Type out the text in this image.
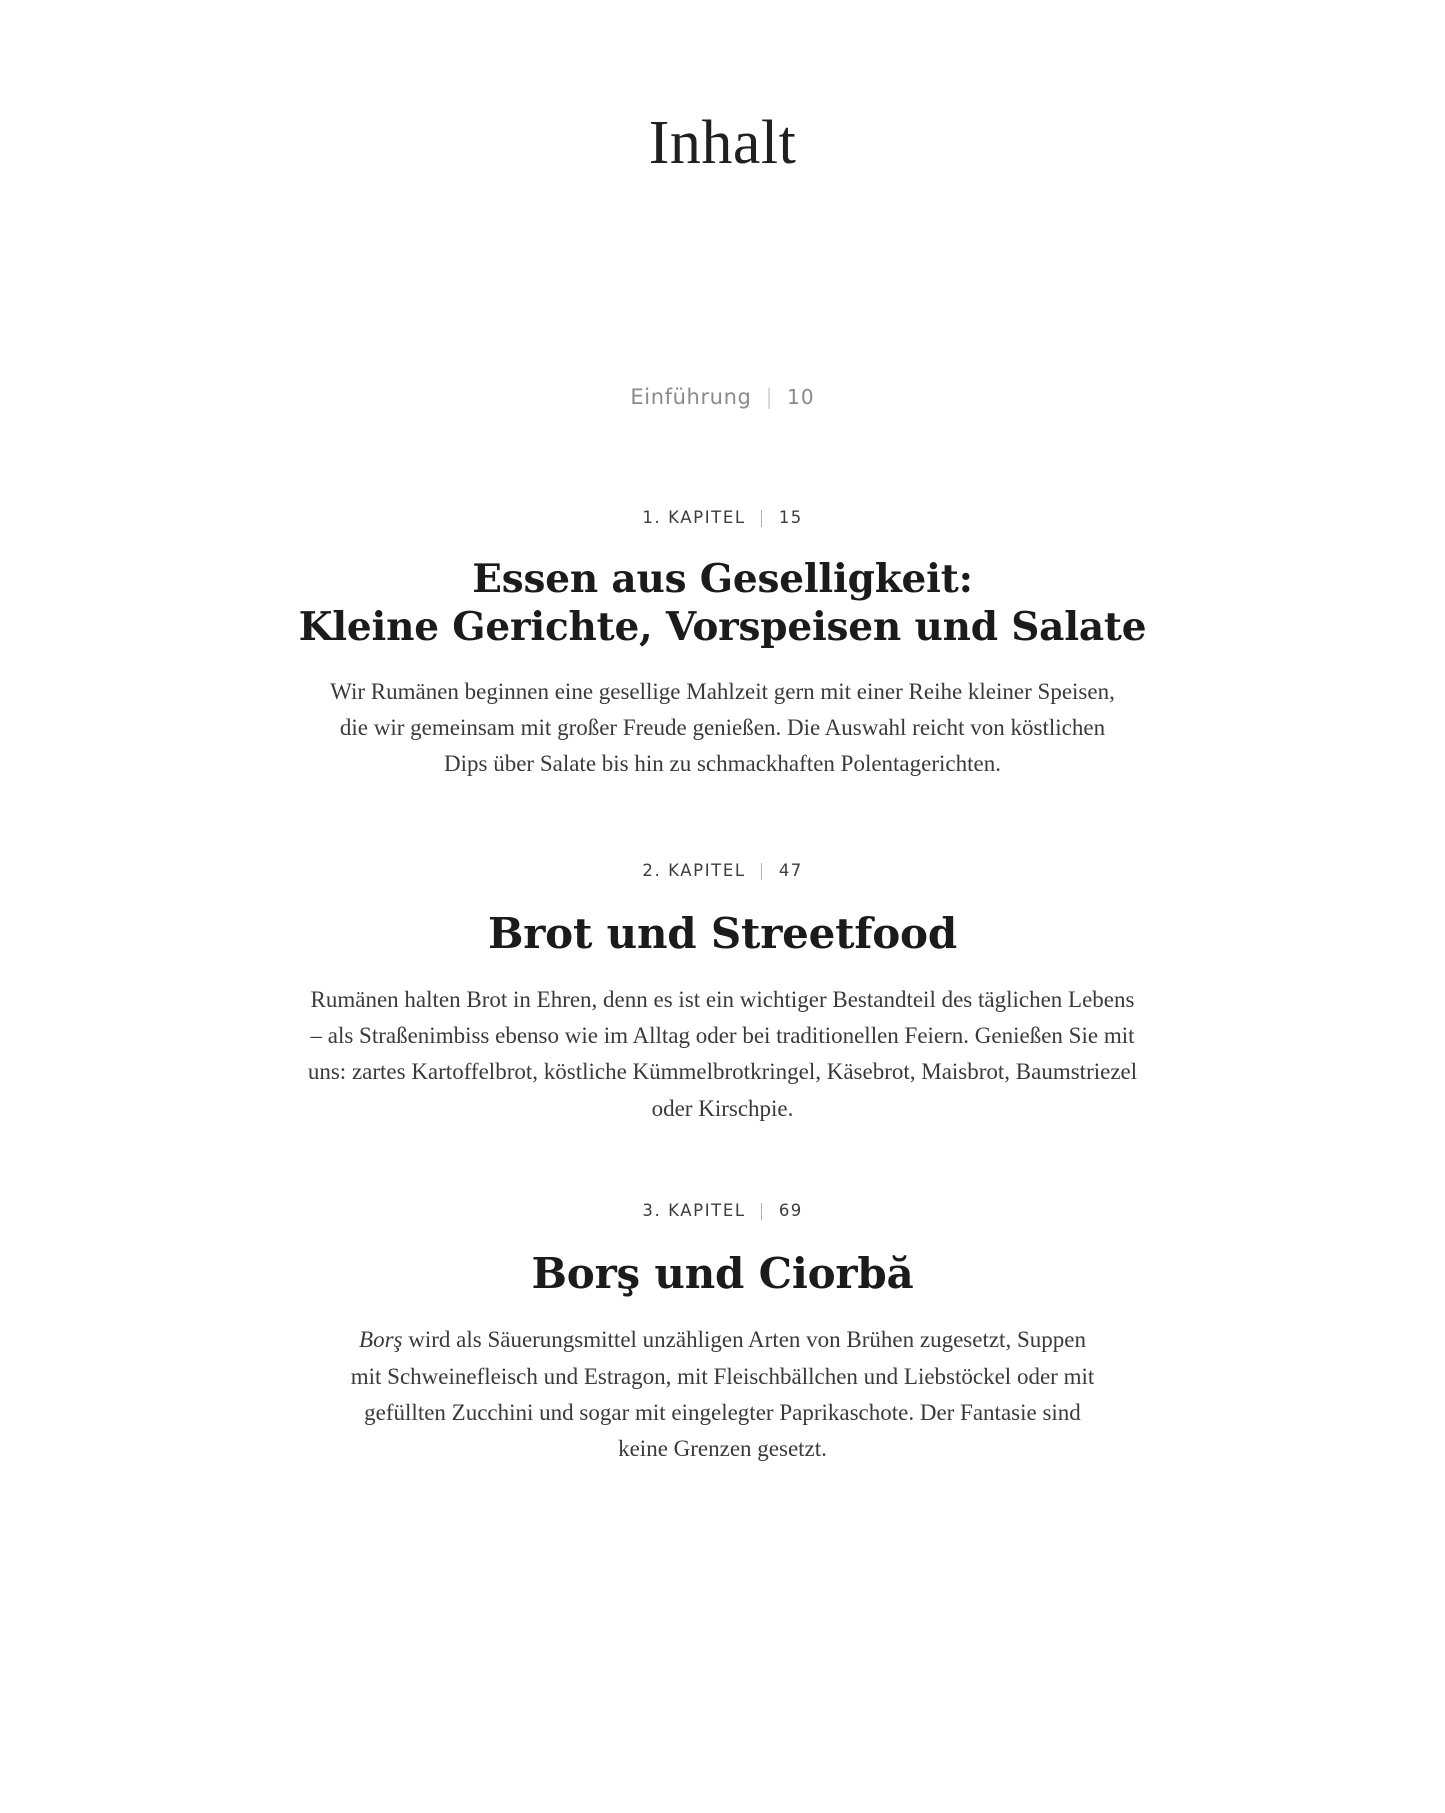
Inhalt
Einführung | 10
1. KAPITEL | 15
Essen aus Geselligkeit:
Kleine Gerichte, Vorspeisen und Salate

Wir Rumänen beginnen eine gesellige Mahlzeit gern mit einer Reihe kleiner Speisen, die wir gemeinsam mit großer Freude genießen. Die Auswahl reicht von köstlichen Dips über Salate bis hin zu schmackhaften Polentagerichten.

2. KAPITEL | 47
Brot und Streetfood

Rumänen halten Brot in Ehren, denn es ist ein wichtiger Bestandteil des täglichen Lebens – als Straßenimbiss ebenso wie im Alltag oder bei traditionellen Feiern. Genießen Sie mit uns: zartes Kartoffelbrot, köstliche Kümmelbrotkringel, Käsebrot, Maisbrot, Baumstriezel oder Kirschpie.

3. KAPITEL | 69
Borş und Ciorbă

Borş wird als Säuerungsmittel unzähligen Arten von Brühen zugesetzt, Suppen mit Schweinefleisch und Estragon, mit Fleischbällchen und Liebstöckel oder mit gefüllten Zucchini und sogar mit eingelegter Paprikaschote. Der Fantasie sind keine Grenzen gesetzt.
